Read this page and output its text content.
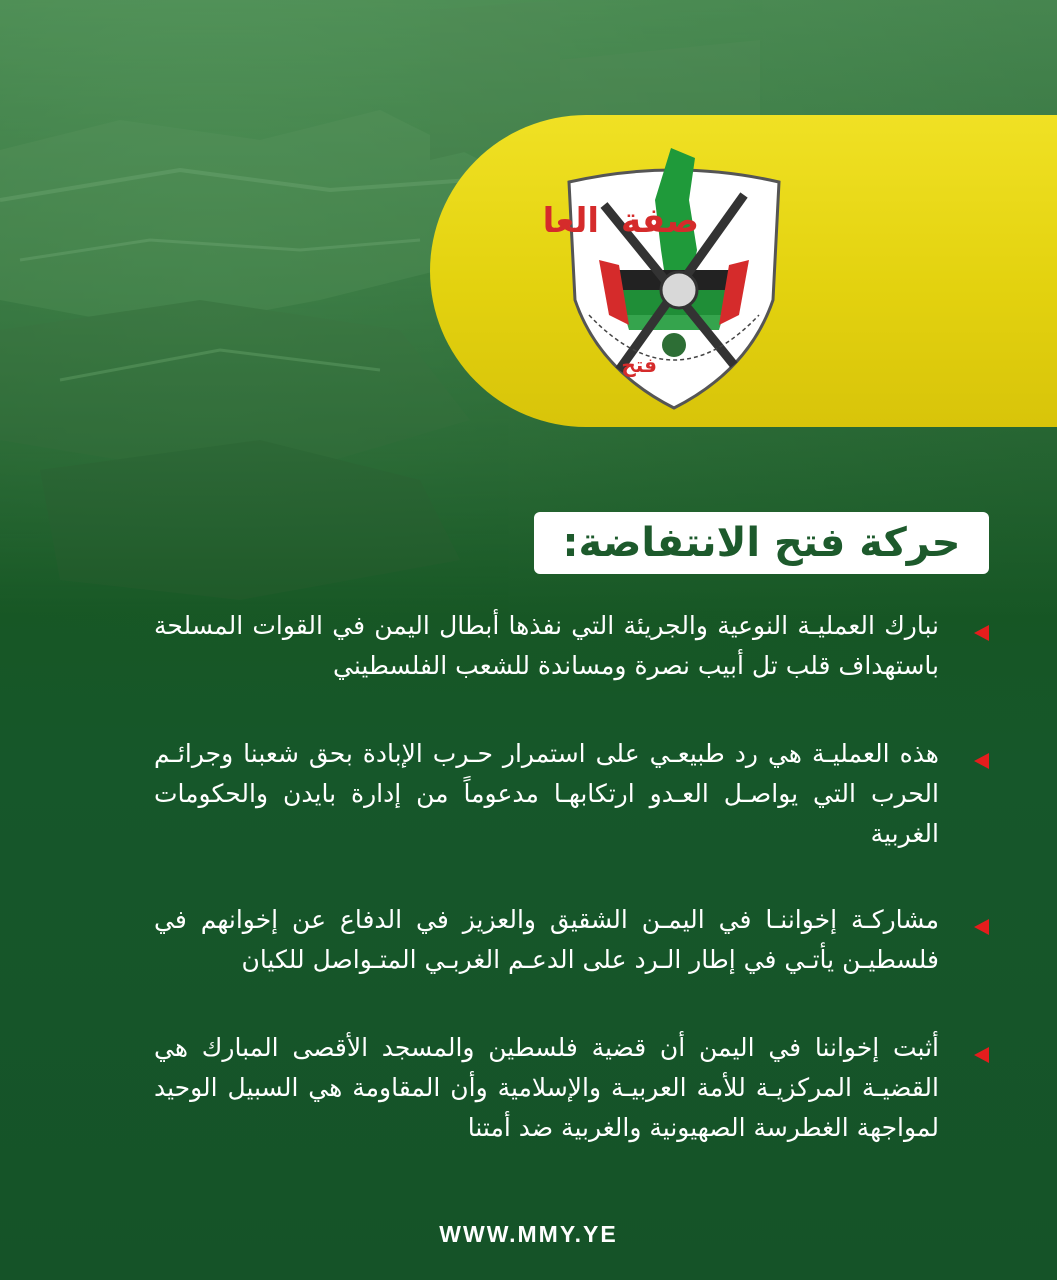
ﺍﻟﻌﺎ ﺻﻔﺔ
ﻓﺘﺢ
حركة فتح الانتفاضة:
نبارك العمليـة النوعية والجريئة التي نفذها أبطال اليمن في القوات المسلحة باستهداف قلب تل أبيب نصرة ومساندة للشعب الفلسطيني
هذه العمليـة هي رد طبيعـي على استمرار حـرب الإبادة بحق شعبنا وجرائـم الحرب التي يواصـل العـدو ارتكابهـا مدعوماً من إدارة بايدن والحكومات الغربية
مشاركـة إخواننـا في اليمـن الشقيق والعزيز في الدفاع عن إخوانهم في فلسطيـن يأتـي في إطار الـرد على الدعـم الغربـي المتـواصل للكيان
أثبت إخواننا في اليمن أن قضية فلسطين والمسجد الأقصى المبارك هي القضيـة المركزيـة للأمة العربيـة والإسلامية وأن المقاومة هي السبيل الوحيد لمواجهة الغطرسة الصهيونية والغربية ضد أمتنا
WWW.MMY.YE
